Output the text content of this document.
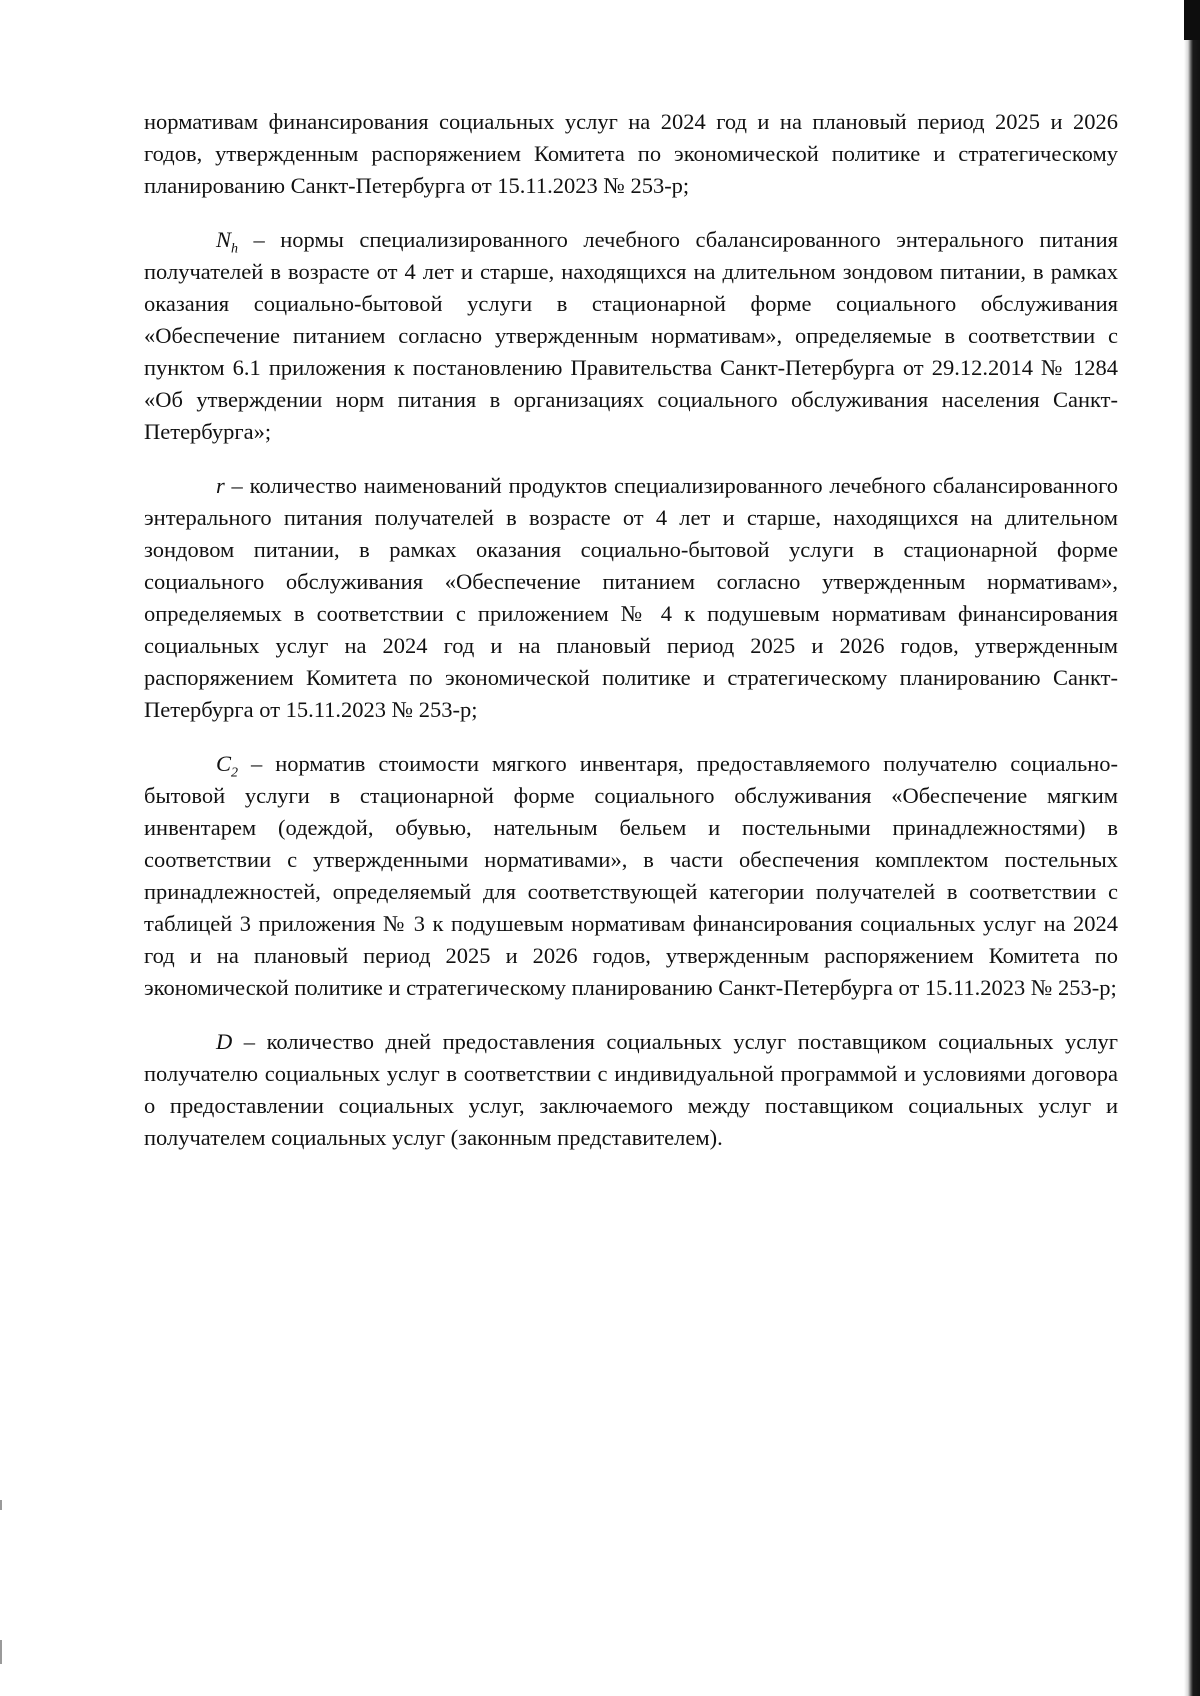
нормативам финансирования социальных услуг на 2024 год и на плановый период 2025 и 2026 годов, утвержденным распоряжением Комитета по экономической политике и стратегическому планированию Санкт-Петербурга от 15.11.2023 № 253-р;

$N_h$ – нормы специализированного лечебного сбалансированного энтерального питания получателей в возрасте от 4 лет и старше, находящихся на длительном зондовом питании, в рамках оказания социально-бытовой услуги в стационарной форме социального обслуживания «Обеспечение питанием согласно утвержденным нормативам», определяемые в соответствии с пунктом 6.1 приложения к постановлению Правительства Санкт-Петербурга от 29.12.2014 № 1284 «Об утверждении норм питания в организациях социального обслуживания населения Санкт-Петербурга»;

r – количество наименований продуктов специализированного лечебного сбалансированного энтерального питания получателей в возрасте от 4 лет и старше, находящихся на длительном зондовом питании, в рамках оказания социально-бытовой услуги в стационарной форме социального обслуживания «Обеспечение питанием согласно утвержденным нормативам», определяемых в соответствии с приложением № 4 к подушевым нормативам финансирования социальных услуг на 2024 год и на плановый период 2025 и 2026 годов, утвержденным распоряжением Комитета по экономической политике и стратегическому планированию Санкт-Петербурга от 15.11.2023 № 253-р;

$C_2$ – норматив стоимости мягкого инвентаря, предоставляемого получателю социально-бытовой услуги в стационарной форме социального обслуживания «Обеспечение мягким инвентарем (одеждой, обувью, нательным бельем и постельными принадлежностями) в соответствии с утвержденными нормативами», в части обеспечения комплектом постельных принадлежностей, определяемый для соответствующей категории получателей в соответствии с таблицей 3 приложения № 3 к подушевым нормативам финансирования социальных услуг на 2024 год и на плановый период 2025 и 2026 годов, утвержденным распоряжением Комитета по экономической политике и стратегическому планированию Санкт-Петербурга от 15.11.2023 № 253-р;

D – количество дней предоставления социальных услуг поставщиком социальных услуг получателю социальных услуг в соответствии с индивидуальной программой и условиями договора о предоставлении социальных услуг, заключаемого между поставщиком социальных услуг и получателем социальных услуг (законным представителем).
